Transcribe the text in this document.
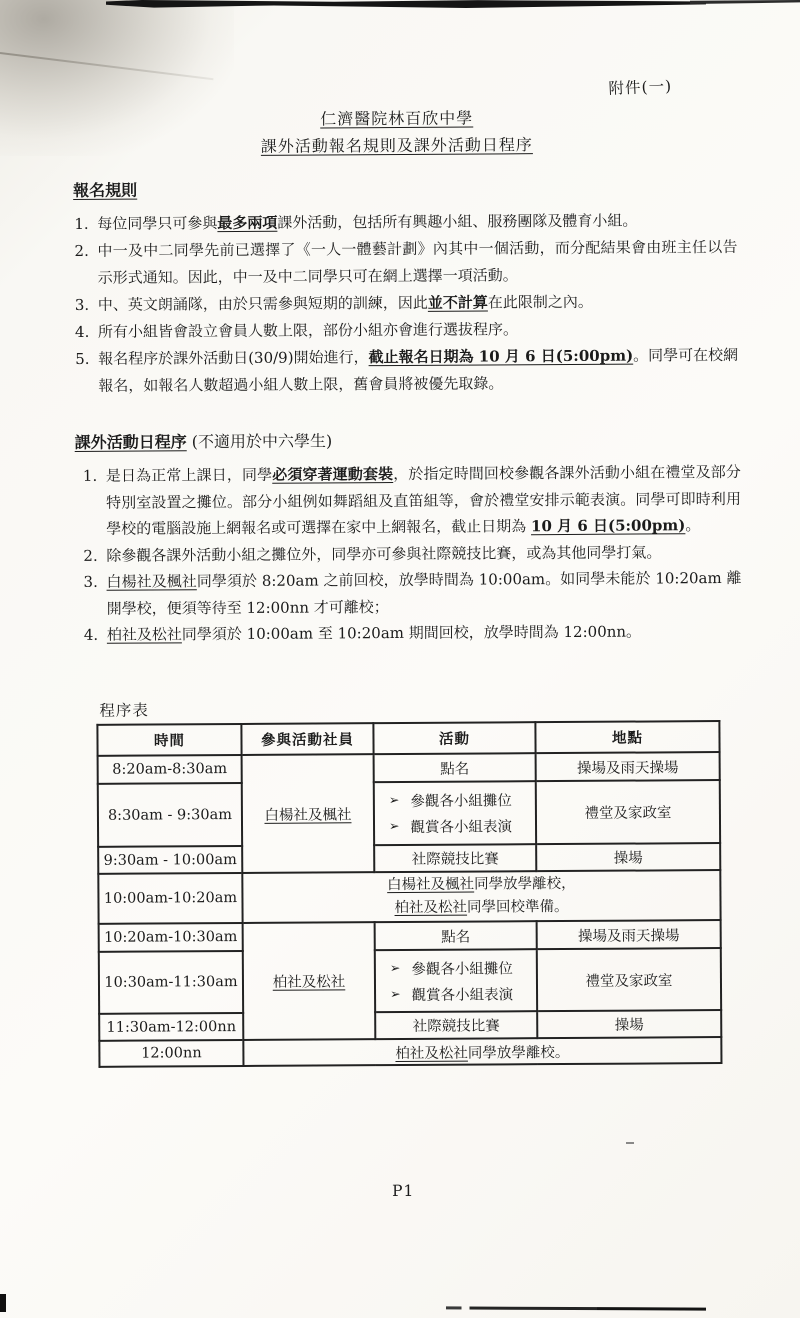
附件(一)
仁濟醫院林百欣中學
課外活動報名規則及課外活動日程序
報名規則
1. 每位同學只可參與最多兩項課外活動，包括所有興趣小組、服務團隊及體育小組。
2. 中一及中二同學先前已選擇了《一人一體藝計劃》內其中一個活動，而分配結果會由班主任以告示形式通知。因此，中一及中二同學只可在網上選擇一項活動。
3. 中、英文朗誦隊，由於只需參與短期的訓練，因此並不計算在此限制之內。
4. 所有小組皆會設立會員人數上限，部份小組亦會進行選拔程序。
5. 報名程序於課外活動日(30/9)開始進行，截止報名日期為 10 月 6 日(5:00pm)。同學可在校網報名，如報名人數超過小組人數上限，舊會員將被優先取錄。
課外活動日程序 (不適用於中六學生)
1. 是日為正常上課日，同學必須穿著運動套裝，於指定時間回校參觀各課外活動小組在禮堂及部分特別室設置之攤位。部分小組例如舞蹈組及直笛組等，會於禮堂安排示範表演。同學可即時利用學校的電腦設施上網報名或可選擇在家中上網報名，截止日期為 10 月 6 日(5:00pm)。
2. 除參觀各課外活動小組之攤位外，同學亦可參與社際競技比賽，或為其他同學打氣。
3. 白楊社及楓社同學須於 8:20am 之前回校，放學時間為 10:00am。如同學未能於 10:20am 離開學校，便須等待至 12:00nn 才可離校；
4. 柏社及松社同學須於 10:00am 至 10:20am 期間回校，放學時間為 12:00nn。
程序表
時間	參與活動社員	活動	地點
8:20am-8:30am	白楊社及楓社	點名	操場及雨天操場
8:30am - 9:30am		➢ 參觀各小組攤位
➢ 觀賞各小組表演	禮堂及家政室
9:30am - 10:00am		社際競技比賽	操場
10:00am-10:20am	白楊社及楓社同學放學離校，
柏社及松社同學回校準備。		

10:20am-10:30am	柏社及松社	點名	操場及雨天操場
10:30am-11:30am		➢ 參觀各小組攤位
➢ 觀賞各小組表演	禮堂及家政室
11:30am-12:00nn		社際競技比賽	操場
12:00nn	柏社及松社同學放學離校。		
P1
